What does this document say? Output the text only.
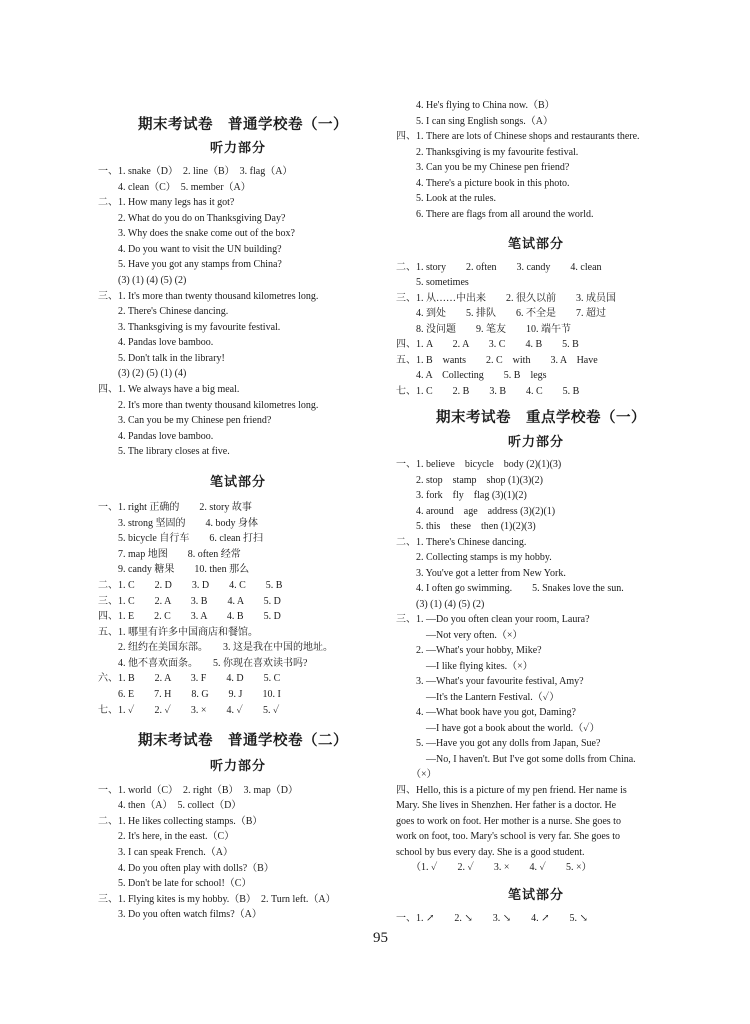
期末考试卷　普通学校卷（一）
听力部分
一、1. snake（D）　2. line（B）　3. flag（A）
　　4. clean（C）　5. member（A）
二、1. How many legs has it got?
　　2. What do you do on Thanksgiving Day?
　　3. Why does the snake come out of the box?
　　4. Do you want to visit the UN building?
　　5. Have you got any stamps from China?
　　(3) (1) (4) (5) (2)
三、1. It's more than twenty thousand kilometres long.
　　2. There's Chinese dancing.
　　3. Thanksgiving is my favourite festival.
　　4. Pandas love bamboo.
　　5. Don't talk in the library!
　　(3) (2) (5) (1) (4)
四、1. We always have a big meal.
　　2. It's more than twenty thousand kilometres long.
　　3. Can you be my Chinese pen friend?
　　4. Pandas love bamboo.
　　5. The library closes at five.
笔试部分
一、1. right 正确的　　2. story 故事
　　3. strong 坚固的　　4. body 身体
　　5. bicycle 自行车　　6. clean 打扫
　　7. map 地图　　8. often 经常
　　9. candy 糖果　　10. then 那么
二、1. C　　2. D　　3. D　　4. C　　5. B
三、1. C　　2. A　　3. B　　4. A　　5. D
四、1. E　　2. C　　3. A　　4. B　　5. D
五、1. 哪里有许多中国商店和餐馆。
　　2. 纽约在美国东部。　　3. 这是我在中国的地址。
　　4. 他不喜欢面条。　　5. 你现在喜欢读书吗?
六、1. B　　2. A　　3. F　　4. D　　5. C
　　6. E　　7. H　　8. G　　9. J　　10. I
七、1. ✓　　2. ✓　　3. ×　　4. ✓　　5. ✓
期末考试卷　普通学校卷（二）
听力部分
一、1. world（C）　2. right（B）　3. map（D）
　　4. then（A）　5. collect（D）
二、1. He likes collecting stamps.（B）
　　2. It's here, in the east.（C）
　　3. I can speak French.（A）
　　4. Do you often play with dolls?（B）
　　5. Don't be late for school!（C）
三、1. Flying kites is my hobby.（B）　2. Turn left.（A）
　　3. Do you often watch films?（A）
　　4. He's flying to China now.（B）
　　5. I can sing English songs.（A）
四、1. There are lots of Chinese shops and restaurants there.
　　2. Thanksgiving is my favourite festival.
　　3. Can you be my Chinese pen friend?
　　4. There's a picture book in this photo.
　　5. Look at the rules.
　　6. There are flags from all around the world.
笔试部分
二、1. story　　2. often　　3. candy　　4. clean
　　5. sometimes
三、1. 从……中出来　　2. 很久以前　　3. 成员国
　　4. 到处　　5. 排队　　6. 不全是　　7. 超过
　　8. 没问题　　9. 笔友　　10. 端午节
四、1. A　　2. A　　3. C　　4. B　　5. B
五、1. B　wants　　2. C　with　　3. A　Have
　　4. A　Collecting　　5. B　legs
七、1. C　　2. B　　3. B　　4. C　　5. B
期末考试卷　重点学校卷（一）
听力部分
一、1. believe　bicycle　body (2)(1)(3)
　　2. stop　stamp　shop (1)(3)(2)
　　3. fork　fly　flag (3)(1)(2)
　　4. around　age　address (3)(2)(1)
　　5. this　these　then (1)(2)(3)
二、1. There's Chinese dancing.
　　2. Collecting stamps is my hobby.
　　3. You've got a letter from New York.
　　4. I often go swimming.　　5. Snakes love the sun.
　　(3) (1) (4) (5) (2)
三、1. —Do you often clean your room, Laura?
　　　—Not very often.（×）
　　2. —What's your hobby, Mike?
　　　—I like flying kites.（×）
　　3. —What's your favourite festival, Amy?
　　　—It's the Lantern Festival.（✓）
　　4. —What book have you got, Daming?
　　　—I have got a book about the world.（✓）
　　5. —Have you got any dolls from Japan, Sue?
　　　—No, I haven't. But I've got some dolls from China.
　　（×）
四、Hello, this is a picture of my pen friend. Her name is
Mary. She lives in Shenzhen. Her father is a doctor. He
goes to work on foot. Her mother is a nurse. She goes to
work on foot, too. Mary's school is very far. She goes to
school by bus every day. She is a good student.
　　（1. ✓　　2. ✓　　3. ×　　4. ✓　　5. ×）
笔试部分
一、1. ↗　　2. ↘　　3. ↘　　4. ↗　　5. ↘
95
